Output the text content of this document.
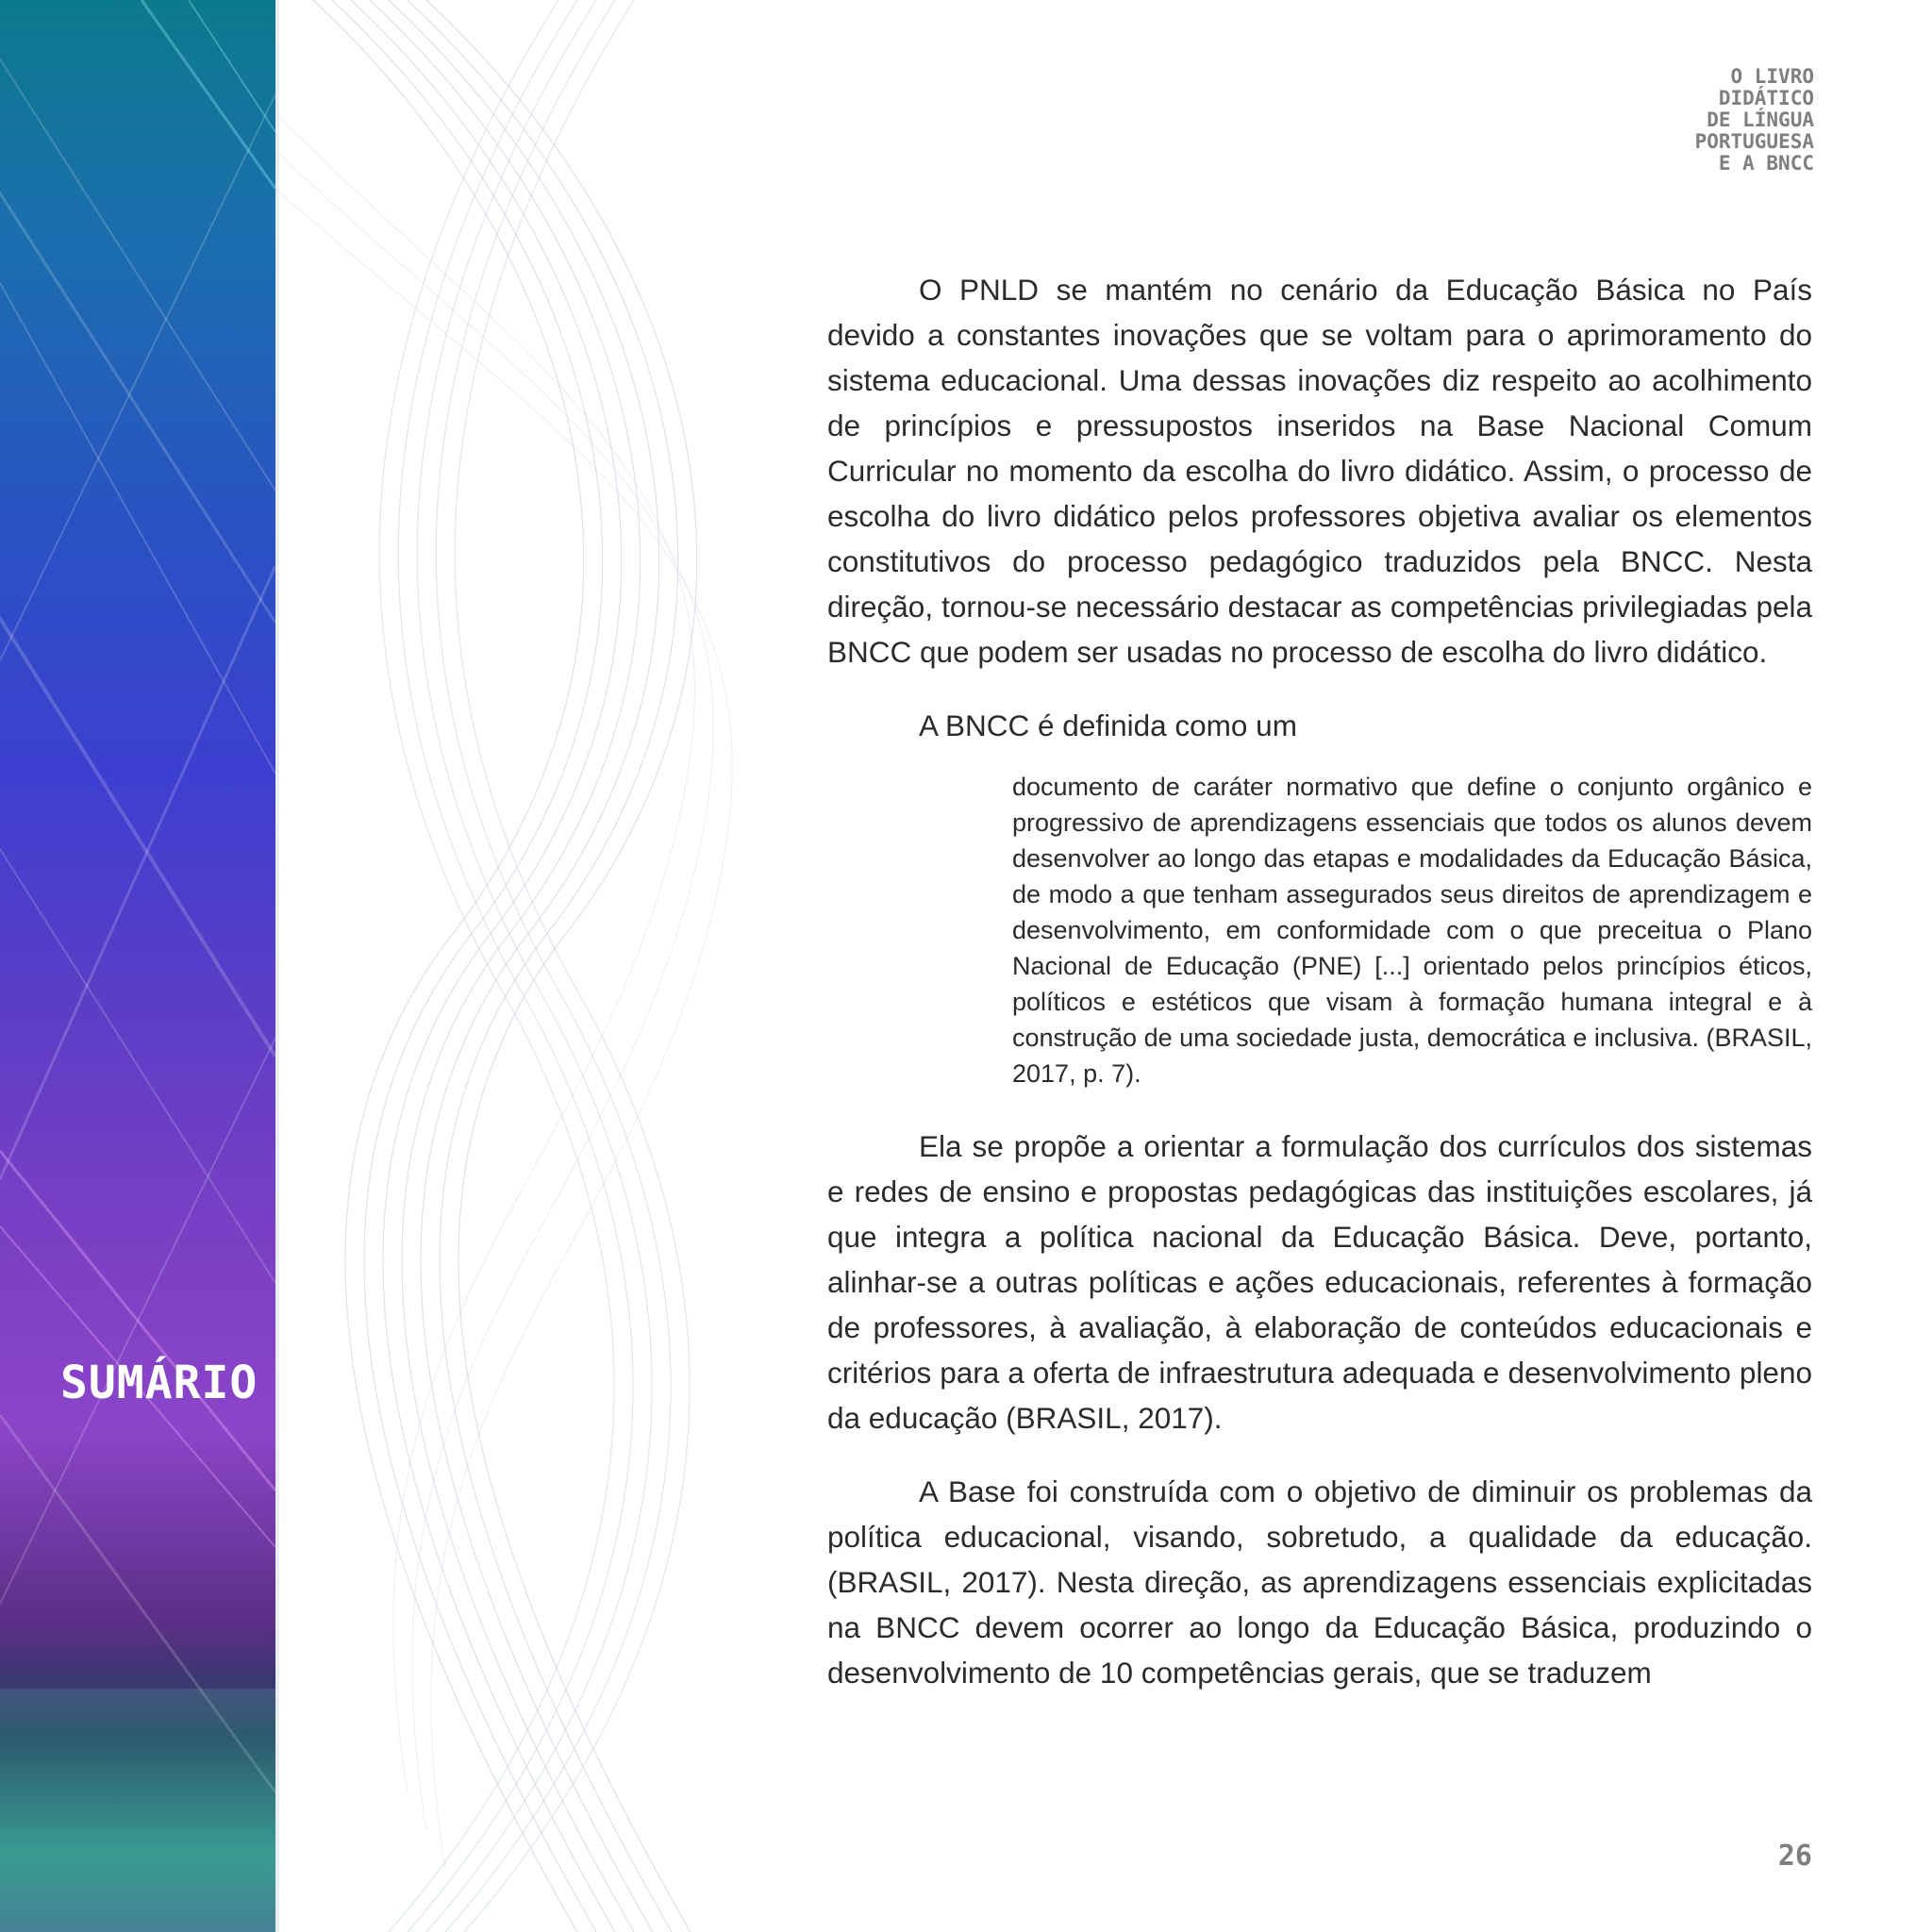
SUMÁRIO
O LIVRO
DIDÁTICO
DE LÍNGUA
PORTUGUESA
E A BNCC

O PNLD se mantém no cenário da Educação Básica no País devido a constantes inovações que se voltam para o aprimoramento do sistema educacional. Uma dessas inovações diz respeito ao acolhimento de princípios e pressupostos inseridos na Base Nacional Comum Curricular no momento da escolha do livro didático. Assim, o processo de escolha do livro didático pelos professores objetiva avaliar os elementos constitutivos do processo pedagógico traduzidos pela BNCC. Nesta direção, tornou-se necessário destacar as competências privilegiadas pela BNCC que podem ser usadas no processo de escolha do livro didático.

A BNCC é definida como um

documento de caráter normativo que define o conjunto orgânico e progressivo de aprendizagens essenciais que todos os alunos devem desenvolver ao longo das etapas e modalidades da Educação Básica, de modo a que tenham assegurados seus direitos de aprendizagem e desenvolvimento, em conformidade com o que preceitua o Plano Nacional de Educação (PNE) [...] orientado pelos princípios éticos, políticos e estéticos que visam à formação humana integral e à construção de uma sociedade justa, democrática e inclusiva. (BRASIL, 2017, p. 7).

Ela se propõe a orientar a formulação dos currículos dos sistemas e redes de ensino e propostas pedagógicas das instituições escolares, já que integra a política nacional da Educação Básica. Deve, portanto, alinhar-se a outras políticas e ações educacionais, referentes à formação de professores, à avaliação, à elaboração de conteúdos educacionais e critérios para a oferta de infraestrutura adequada e desenvolvimento pleno da educação (BRASIL, 2017).

A Base foi construída com o objetivo de diminuir os problemas da política educacional, visando, sobretudo, a qualidade da educação. (BRASIL, 2017). Nesta direção, as aprendizagens essenciais explicitadas na BNCC devem ocorrer ao longo da Educação Básica, produzindo o desenvolvimento de 10 competências gerais, que se traduzem

26
